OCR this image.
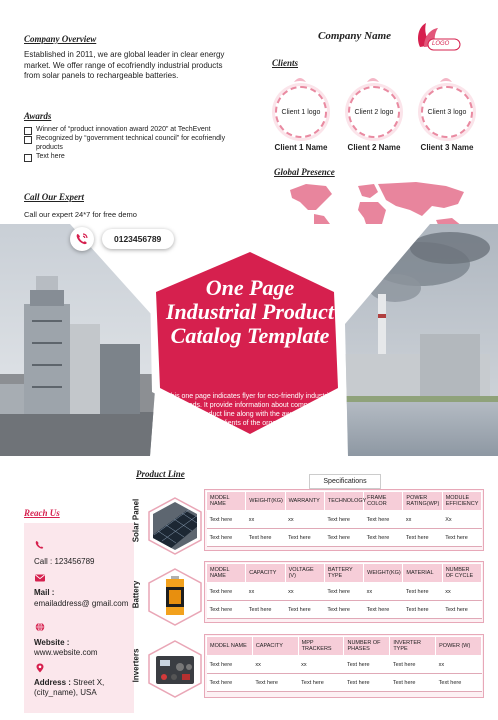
Company Overview
Established in 2011, we are global leader in clear energy market. We offer range of ecofriendly industrial products from solar panels to rechargeable batteries.
Awards
Winner of “product innovation award 2020” at TechEvent
Recognized by “government technical council” for ecofriendly products
Text here
Call Our Expert
Call our expert 24*7 for free demo
0123456789
Company Name
LOGO
Clients
Client 1 logo	Client 2 logo	Client 3 logo
Client 1 Name	Client 2 Name	Client 3 Name
Global Presence
One Page Industrial Product Catalog Template
This one page indicates flyer for eco-friendly industrial goods. It provide information about company overview, product line along with the awards won and trusted clients of the organization.
Product Line
Specifications
Reach Us
Call : 123456789
Mail :
emailaddress@ gmail.com
Website :
www.website.com
Address : Street X, (city_name), USA
Solar Panel
Battery
Inverters
MODEL NAME	WEIGHT(KG)	WARRANTY	TECHNOLOGY	FRAME COLOR	POWER RATING(WP)	MODULE EFFICIENCY
Text here	xx	xx	Text here	Text here	xx	Xx
Text here	Text here	Text here	Text here	Text here	Text here	Text here
MODEL NAME	CAPACITY	VOLTAGE (V)	BATTERY TYPE	WEIGHT(KG)	MATERIAL	NUMBER OF CYCLE
Text here	xx	xx	Text here	xx	Text here	xx
Text here	Text here	Text here	Text here	Text here	Text here	Text here
MODEL NAME	CAPACITY	MPP TRACKERS	NUMBER OF PHASES	INVERTER TYPE	POWER (W)
Text here	xx	xx	Text here	Text here	xx
Text here	Text here	Text here	Text here	Text here	Text here
